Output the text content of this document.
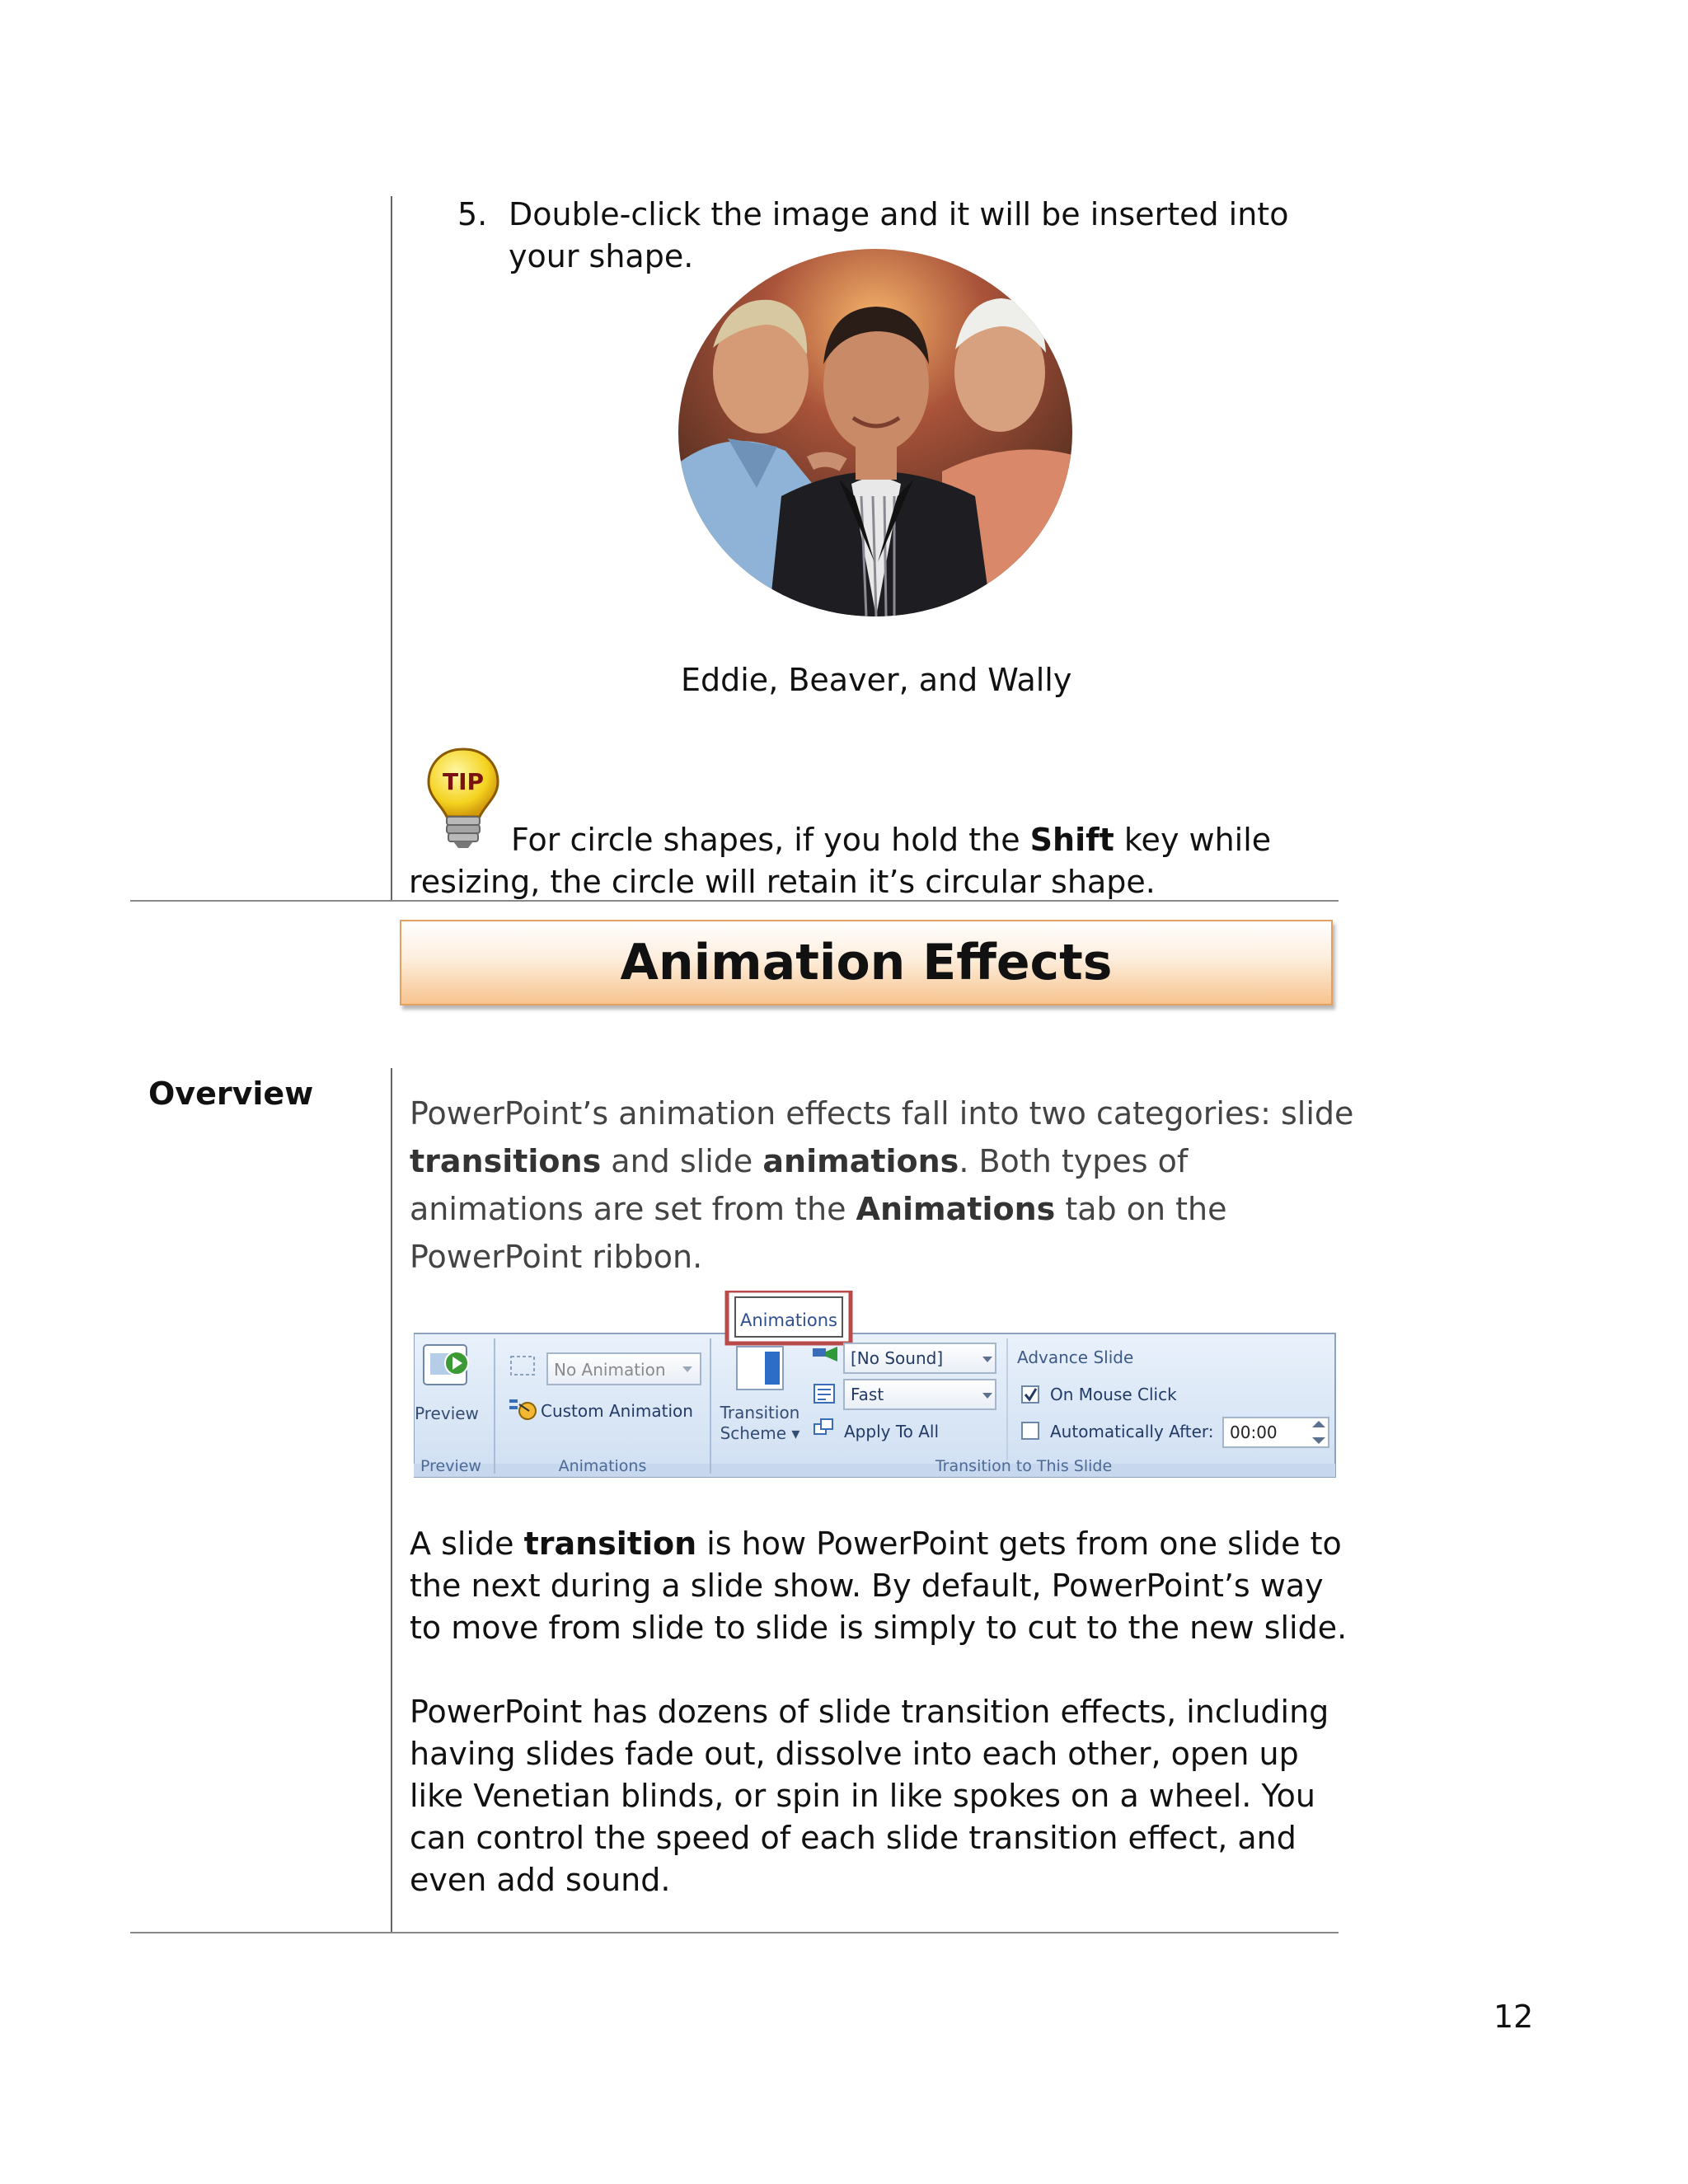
5. Double-click the image and it will be inserted into your shape.
Eddie, Beaver, and Wally
TIP
For circle shapes, if you hold the Shift key while resizing, the circle will retain it’s circular shape.
Animation Effects
Overview
PowerPoint’s animation effects fall into two categories: slide transitions and slide animations. Both types of animations are set from the Animations tab on the PowerPoint ribbon.
Animations
Preview
Preview
No Animation
Custom Animation
Animations
Transition
Scheme ▾
[No Sound]
Fast
Apply To All
Advance Slide
On Mouse Click
Automatically After: 00:00
Transition to This Slide
A slide transition is how PowerPoint gets from one slide to the next during a slide show. By default, PowerPoint’s way to move from slide to slide is simply to cut to the new slide.
PowerPoint has dozens of slide transition effects, including having slides fade out, dissolve into each other, open up like Venetian blinds, or spin in like spokes on a wheel. You can control the speed of each slide transition effect, and even add sound.
12
